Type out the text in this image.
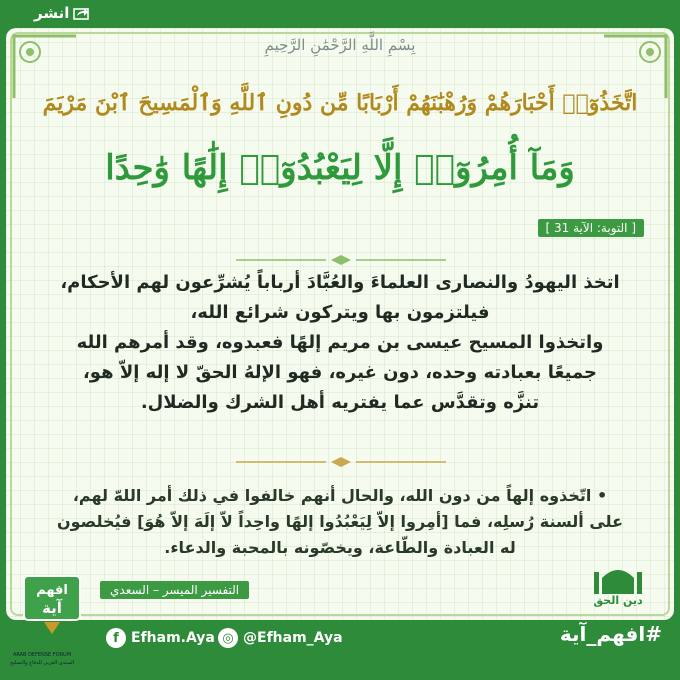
انشر
بِسْمِ اللَّهِ الرَّحْمَٰنِ الرَّحِيمِ
اتَّخَذُوٓا۟ أَحْبَارَهُمْ وَرُهْبَٰنَهُمْ أَرْبَابًا مِّن دُونِ ٱللَّهِ وَٱلْمَسِيحَ ٱبْنَ مَرْيَمَ
وَمَآ أُمِرُوٓا۟ إِلَّا لِيَعْبُدُوٓا۟ إِلَٰهًا وَٰحِدًا
[ التوبة: الآية 31 ]

اتخذ اليهودُ والنصارى العلماءَ والعُبَّادَ أرباباً يُشرِّعون لهم الأحكام،

فيلتزمون بها ويتركون شرائع الله،

واتخذوا المسيح عيسى بن مريم إلهًا فعبدوه، وقد أمرهم الله

جميعًا بعبادته وحده، دون غيره، فهو الإلهُ الحقّ لا إله إلاّ هو،

تنزَّه وتقدَّس عما يفتريه أهل الشرك والضلال.

• اتّخذوه إلهاً من دون الله، والحال أنهم خالفوا في ذلك أمر اللهّ لهم،

على ألسنة رُسلِه، فما [أمِروا إلاّ لِيَعْبُدُوا إلهًا واحِداً لاّ إلَهَ إلاّ هُوَ] فيُخلصون

له العبادة والطّاعة، ويخصّونه بالمحبة والدعاء.

التفسير الميسر – السعدي
دين الحق
افهم
آية
ARAB DEFENSE FORUM
المنتدى العربي للدفاع والتسليح
f Efham.Aya ◎ @Efham_Aya	#افهم_آية
